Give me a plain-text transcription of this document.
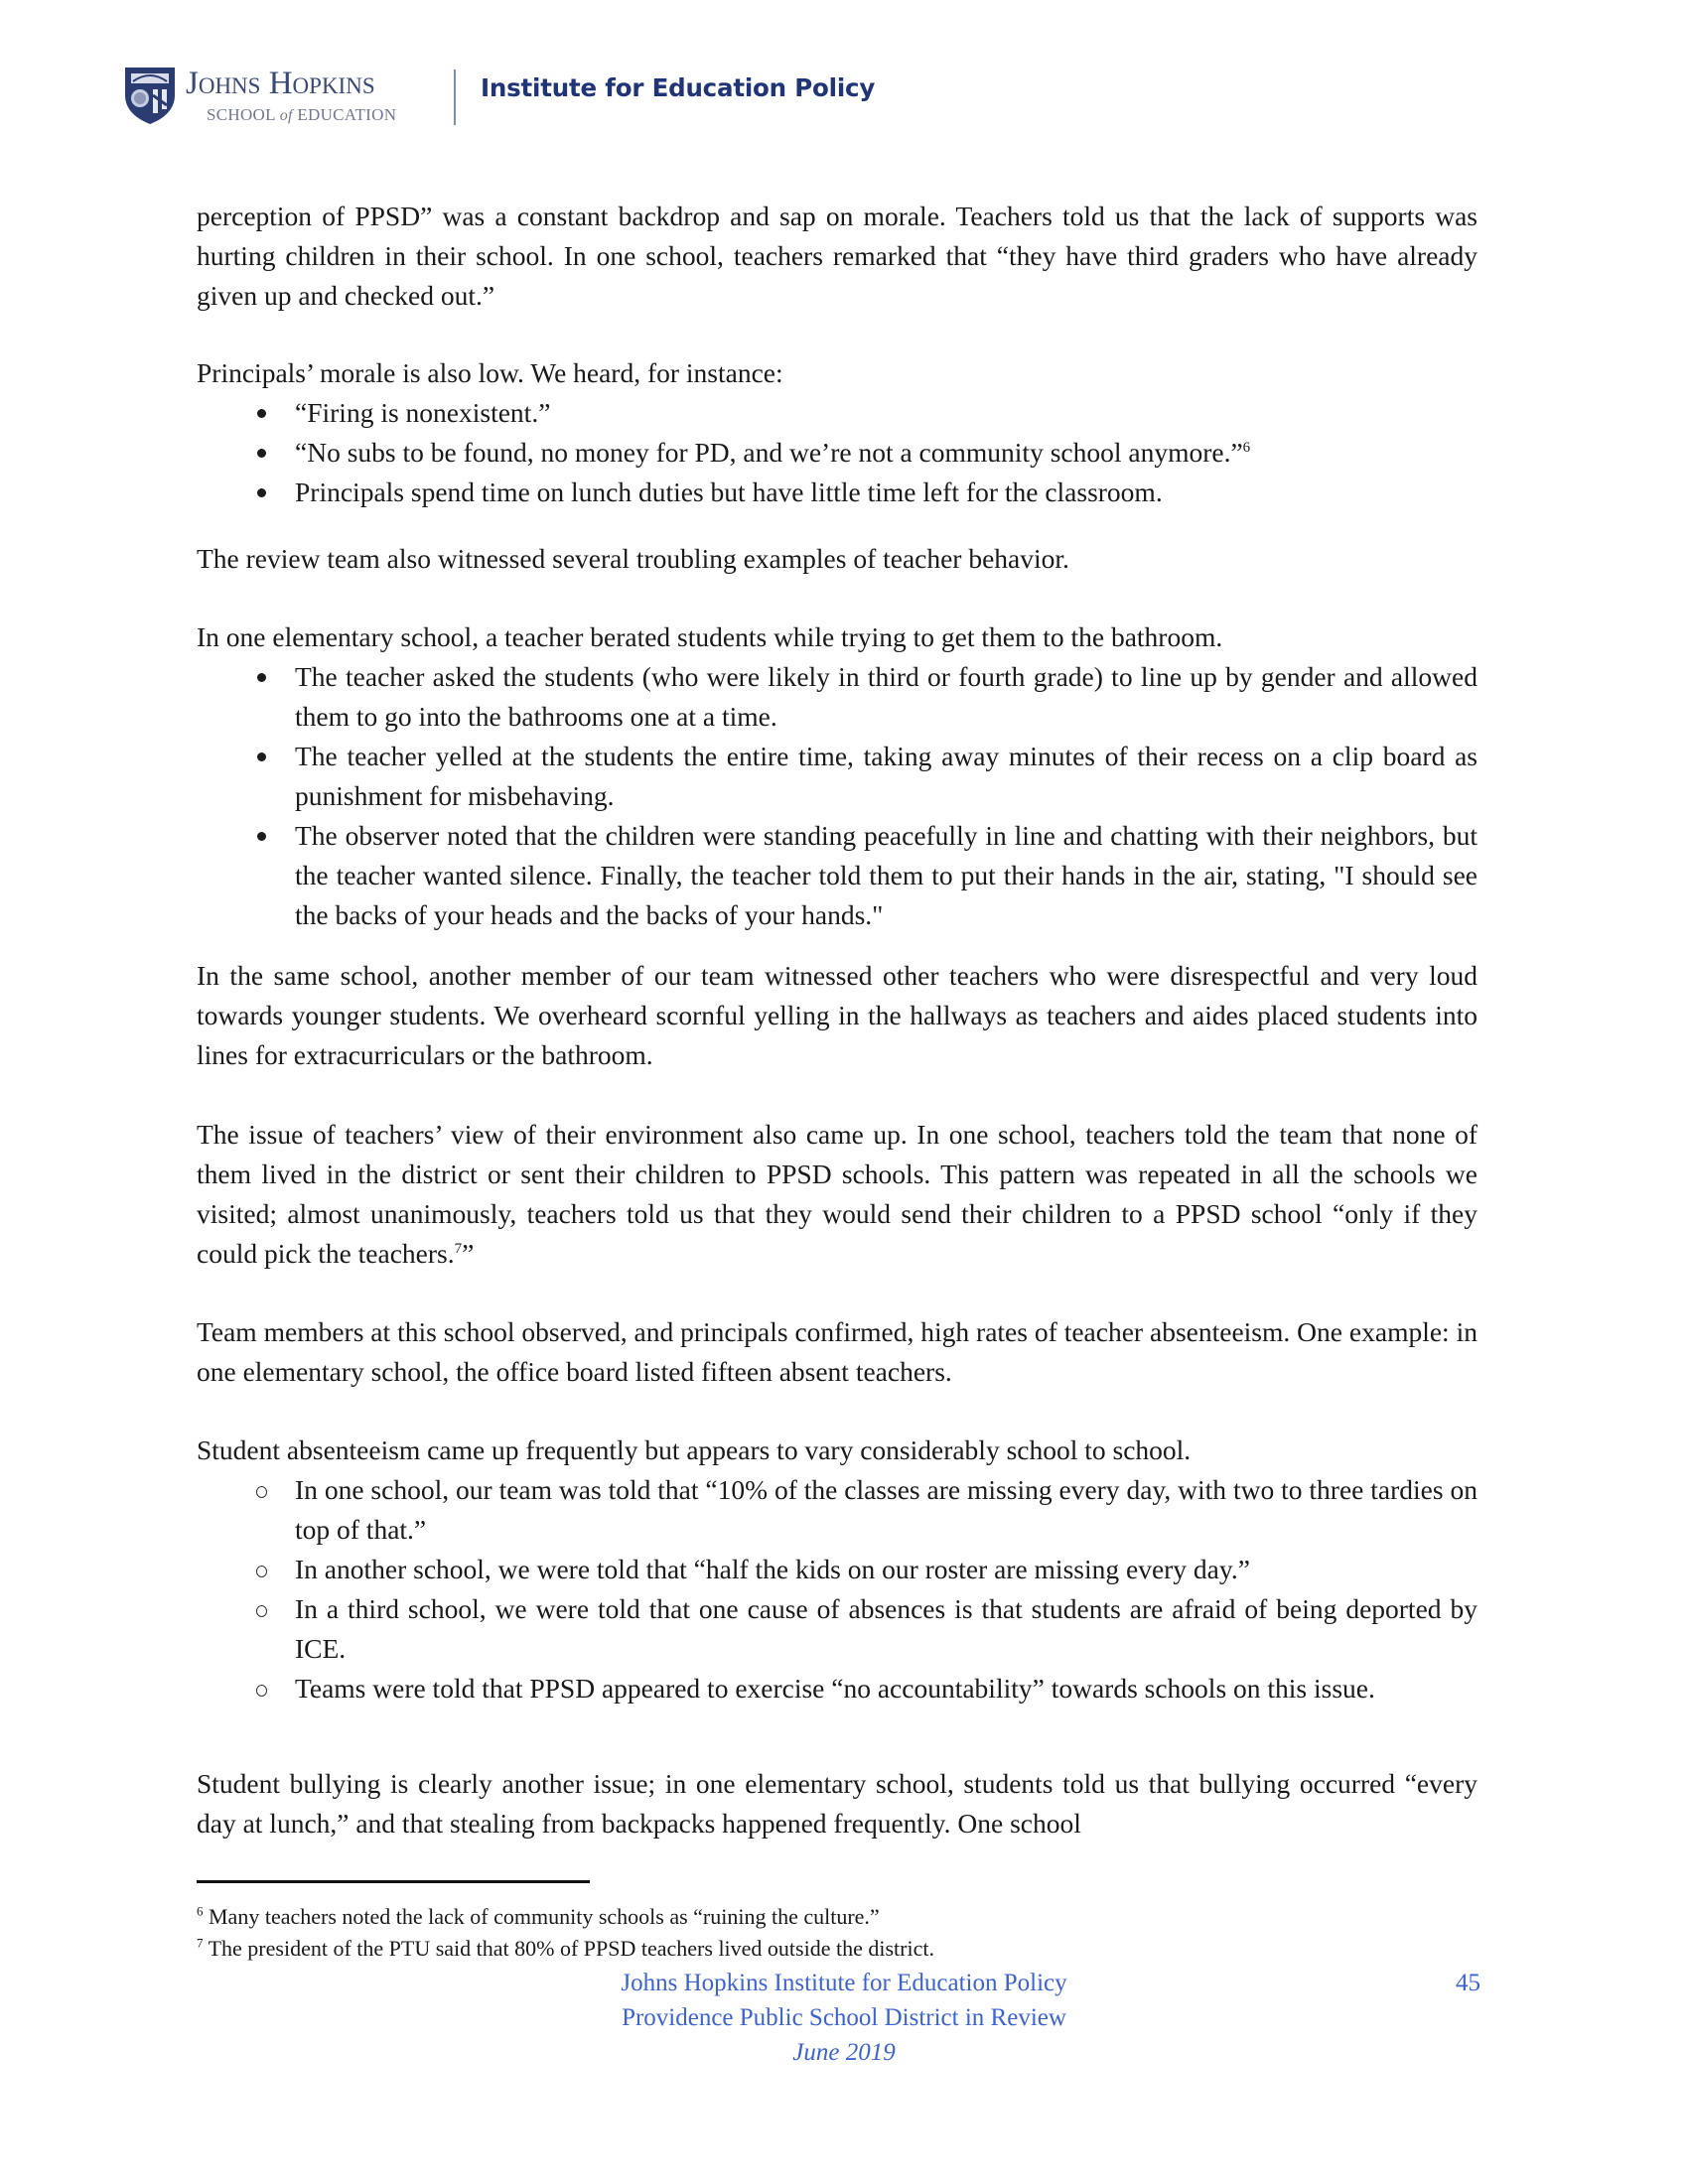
Johns Hopkins
SCHOOL of EDUCATION
Institute for Education Policy

perception of PPSD” was a constant backdrop and sap on morale. Teachers told us that the lack of supports was hurting children in their school. In one school, teachers remarked that “they have third graders who have already given up and checked out.”

Principals’ morale is also low. We heard, for instance:

“Firing is nonexistent.”
“No subs to be found, no money for PD, and we’re not a community school anymore.”$^6$
Principals spend time on lunch duties but have little time left for the classroom.

The review team also witnessed several troubling examples of teacher behavior.

In one elementary school, a teacher berated students while trying to get them to the bathroom.

The teacher asked the students (who were likely in third or fourth grade) to line up by gender and allowed them to go into the bathrooms one at a time.
The teacher yelled at the students the entire time, taking away minutes of their recess on a clip board as punishment for misbehaving.
The observer noted that the children were standing peacefully in line and chatting with their neighbors, but the teacher wanted silence. Finally, the teacher told them to put their hands in the air, stating, "I should see the backs of your heads and the backs of your hands."

In the same school, another member of our team witnessed other teachers who were disrespectful and very loud towards younger students. We overheard scornful yelling in the hallways as teachers and aides placed students into lines for extracurriculars or the bathroom.

The issue of teachers’ view of their environment also came up. In one school, teachers told the team that none of them lived in the district or sent their children to PPSD schools. This pattern was repeated in all the schools we visited; almost unanimously, teachers told us that they would send their children to a PPSD school “only if they could pick the teachers.$^7$”

Team members at this school observed, and principals confirmed, high rates of teacher absenteeism. One example: in one elementary school, the office board listed fifteen absent teachers.

Student absenteeism came up frequently but appears to vary considerably school to school.

In one school, our team was told that “10% of the classes are missing every day, with two to three tardies on top of that.”
In another school, we were told that “half the kids on our roster are missing every day.”
In a third school, we were told that one cause of absences is that students are afraid of being deported by ICE.
Teams were told that PPSD appeared to exercise “no accountability” towards schools on this issue.

Student bullying is clearly another issue; in one elementary school, students told us that bullying occurred “every day at lunch,” and that stealing from backpacks happened frequently. One school

$^6$ Many teachers noted the lack of community schools as “ruining the culture.”
$^7$ The president of the PTU said that 80% of PPSD teachers lived outside the district.
Johns Hopkins Institute for Education Policy
Providence Public School District in Review
June 2019
45
